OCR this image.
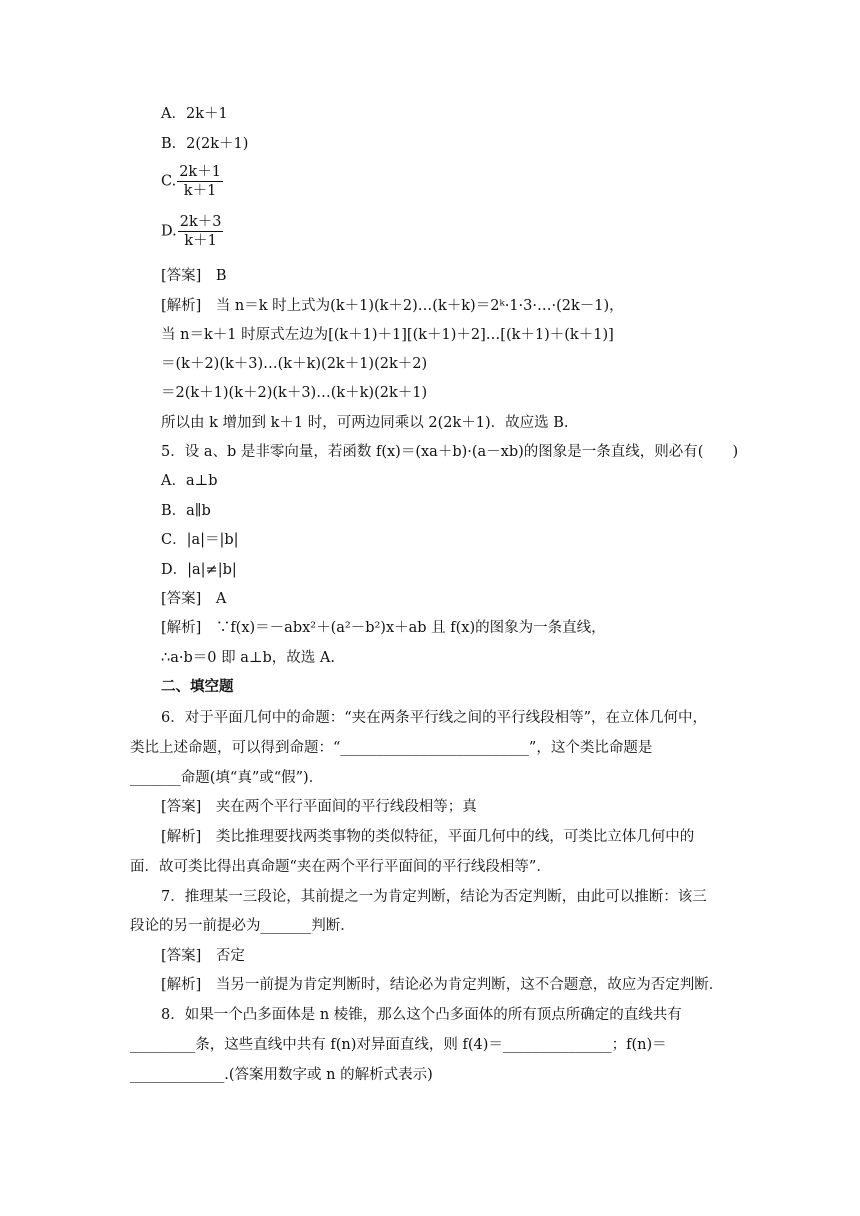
A．2k＋1
B．2(2k＋1)
C. $\frac{2k+1}{k+1}$
D. $\frac{2k+3}{k+1}$
[答案]　B
[解析]　当 n＝k 时上式为(k＋1)(k＋2)…(k＋k)＝2ᵏ·1·3·…·(2k－1)，
当 n＝k＋1 时原式左边为[(k＋1)＋1][(k＋1)＋2]…[(k＋1)＋(k＋1)]
＝(k＋2)(k＋3)…(k＋k)(2k＋1)(2k＋2)
＝2(k＋1)(k＋2)(k＋3)…(k＋k)(2k＋1)
所以由 k 增加到 k＋1 时，可两边同乘以 2(2k＋1)．故应选 B.
5．设 a、b 是非零向量，若函数 f(x)＝(xa＋b)·(a－xb)的图象是一条直线，则必有(　　)
A．a⊥b
B．a∥b
C．|a|＝|b|
D．|a|≠|b|
[答案]　A
[解析]　∵f(x)＝－abx²＋(a²－b²)x＋ab 且 f(x)的图象为一条直线，
∴a·b＝0 即 a⊥b，故选 A.
二、填空题
6．对于平面几何中的命题：“夹在两条平行线之间的平行线段相等”，在立体几何中，
类比上述命题，可以得到命题：“__________________________”，这个类比命题是
_______命题(填“真”或“假”)．
[答案]　夹在两个平行平面间的平行线段相等；真
[解析]　类比推理要找两类事物的类似特征，平面几何中的线，可类比立体几何中的
面．故可类比得出真命题“夹在两个平行平面间的平行线段相等”．
7．推理某一三段论，其前提之一为肯定判断，结论为否定判断，由此可以推断：该三
段论的另一前提必为_______判断．
[答案]　否定
[解析]　当另一前提为肯定判断时，结论必为肯定判断，这不合题意，故应为否定判断．
8．如果一个凸多面体是 n 棱锥，那么这个凸多面体的所有顶点所确定的直线共有
_________条，这些直线中共有 f(n)对异面直线，则 f(4)＝_______________；f(n)＝
_____________.(答案用数字或 n 的解析式表示)
